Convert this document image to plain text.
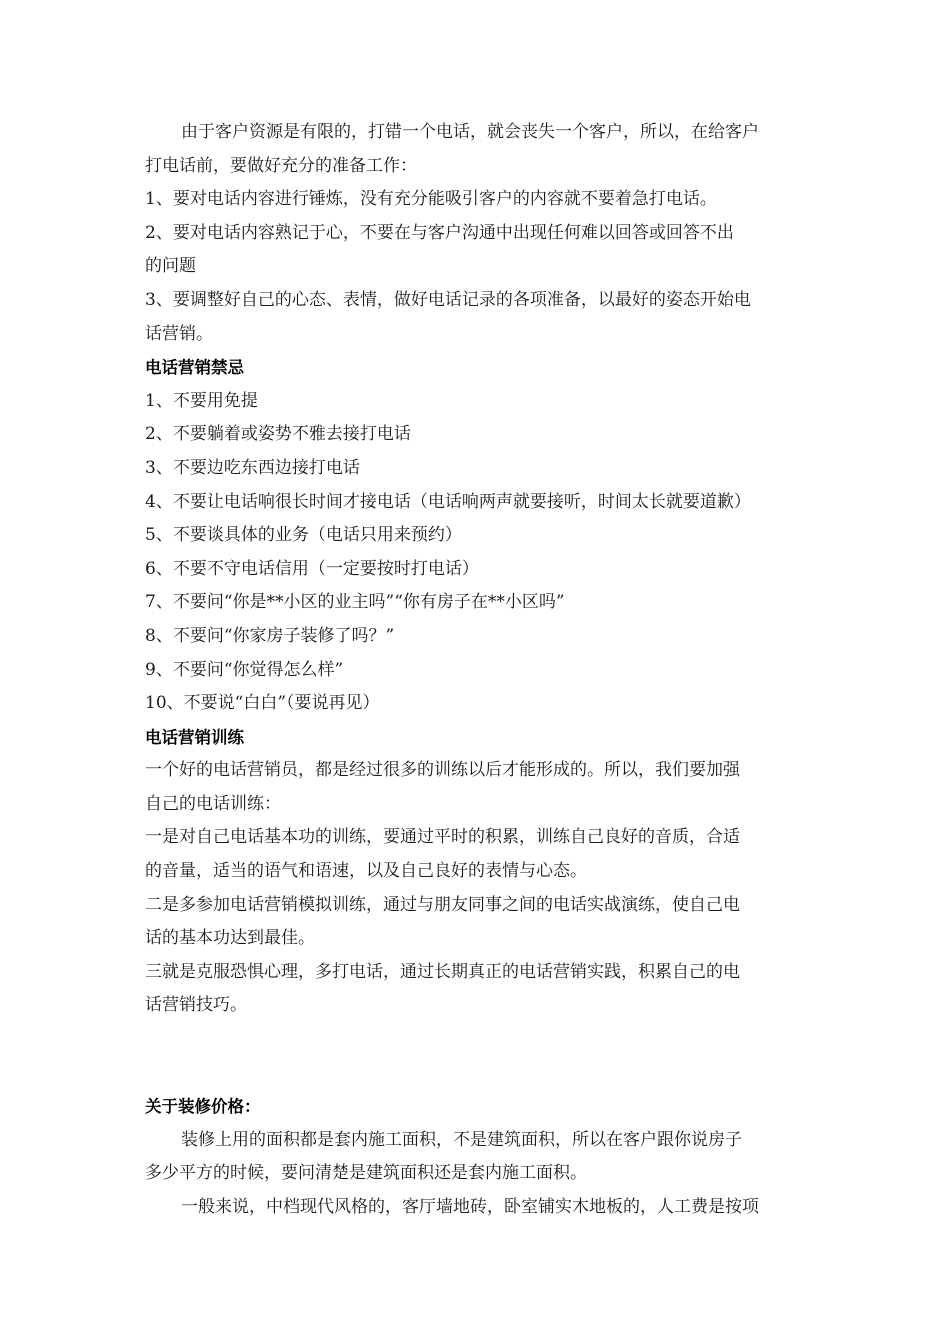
由于客户资源是有限的，打错一个电话，就会丧失一个客户，所以，在给客户
打电话前，要做好充分的准备工作：
1、要对电话内容进行锤炼，没有充分能吸引客户的内容就不要着急打电话。
2、要对电话内容熟记于心，不要在与客户沟通中出现任何难以回答或回答不出
的问题
3、要调整好自己的心态、表情，做好电话记录的各项准备，以最好的姿态开始电
话营销。
电话营销禁忌
1、不要用免提
2、不要躺着或姿势不雅去接打电话
3、不要边吃东西边接打电话
4、不要让电话响很长时间才接电话（电话响两声就要接听，时间太长就要道歉）
5、不要谈具体的业务（电话只用来预约）
6、不要不守电话信用（一定要按时打电话）
7、不要问“你是**小区的业主吗”“你有房子在**小区吗”
8、不要问“你家房子装修了吗？”
9、不要问“你觉得怎么样”
10、不要说“白白”（要说再见）
电话营销训练
一个好的电话营销员，都是经过很多的训练以后才能形成的。所以，我们要加强
自己的电话训练：
一是对自己电话基本功的训练，要通过平时的积累，训练自己良好的音质，合适
的音量，适当的语气和语速，以及自己良好的表情与心态。
二是多参加电话营销模拟训练，通过与朋友同事之间的电话实战演练，使自己电
话的基本功达到最佳。
三就是克服恐惧心理，多打电话，通过长期真正的电话营销实践，积累自己的电
话营销技巧。
关于装修价格：
装修上用的面积都是套内施工面积，不是建筑面积，所以在客户跟你说房子
多少平方的时候，要问清楚是建筑面积还是套内施工面积。
一般来说，中档现代风格的，客厅墙地砖，卧室铺实木地板的，人工费是按项
